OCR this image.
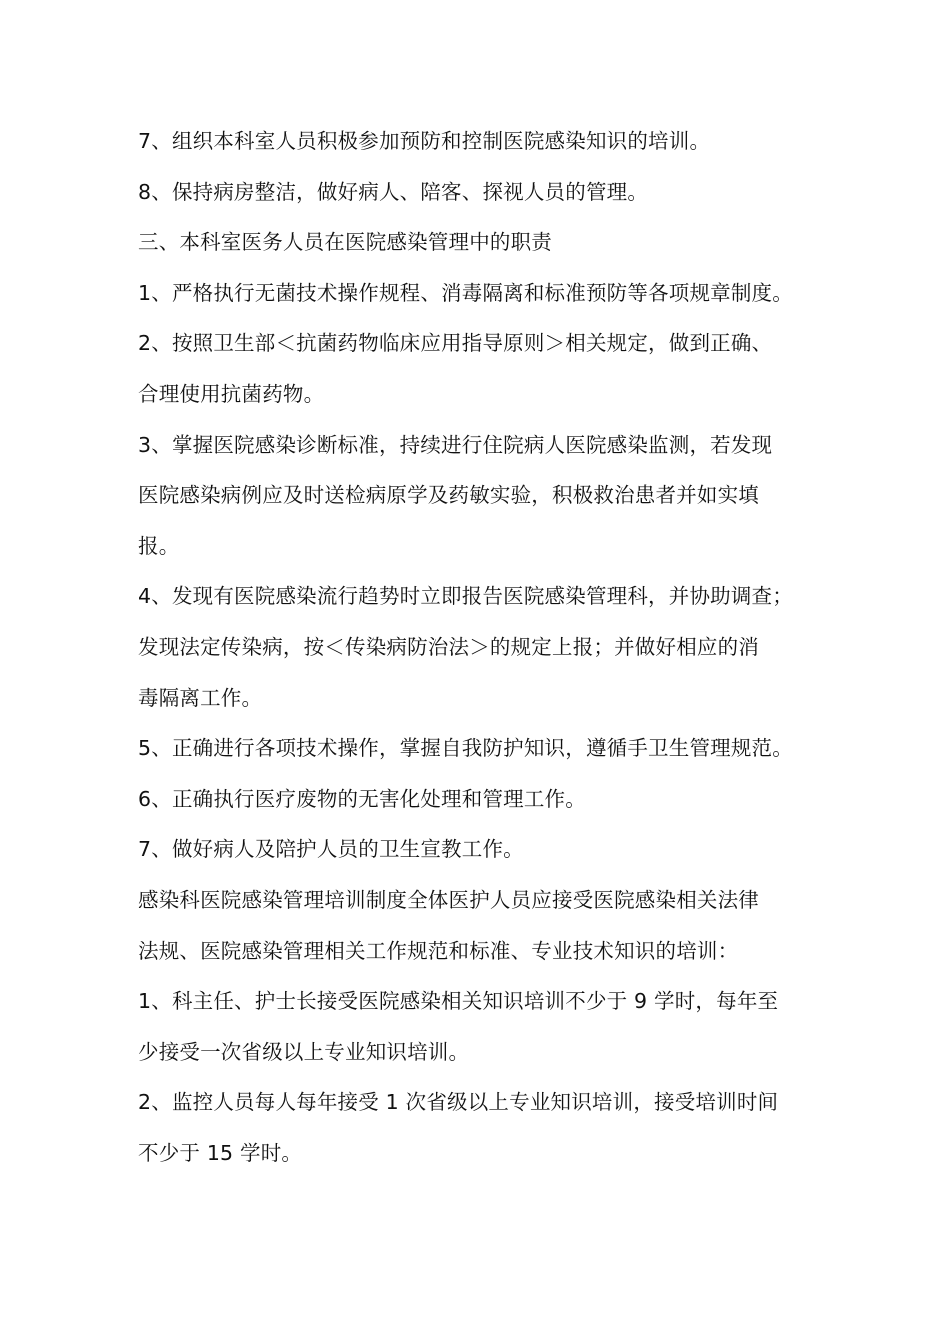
7、组织本科室人员积极参加预防和控制医院感染知识的培训。
8、保持病房整洁，做好病人、陪客、探视人员的管理。
三、本科室医务人员在医院感染管理中的职责
1、严格执行无菌技术操作规程、消毒隔离和标准预防等各项规章制度。
2、按照卫生部＜抗菌药物临床应用指导原则＞相关规定，做到正确、
合理使用抗菌药物。
3、掌握医院感染诊断标准，持续进行住院病人医院感染监测，若发现
医院感染病例应及时送检病原学及药敏实验，积极救治患者并如实填
报。
4、发现有医院感染流行趋势时立即报告医院感染管理科，并协助调查；
发现法定传染病，按＜传染病防治法＞的规定上报；并做好相应的消
毒隔离工作。
5、正确进行各项技术操作，掌握自我防护知识，遵循手卫生管理规范。
6、正确执行医疗废物的无害化处理和管理工作。
7、做好病人及陪护人员的卫生宣教工作。
感染科医院感染管理培训制度全体医护人员应接受医院感染相关法律
法规、医院感染管理相关工作规范和标准、专业技术知识的培训：
1、科主任、护士长接受医院感染相关知识培训不少于 9 学时，每年至
少接受一次省级以上专业知识培训。
2、监控人员每人每年接受 1 次省级以上专业知识培训，接受培训时间
不少于 15 学时。
